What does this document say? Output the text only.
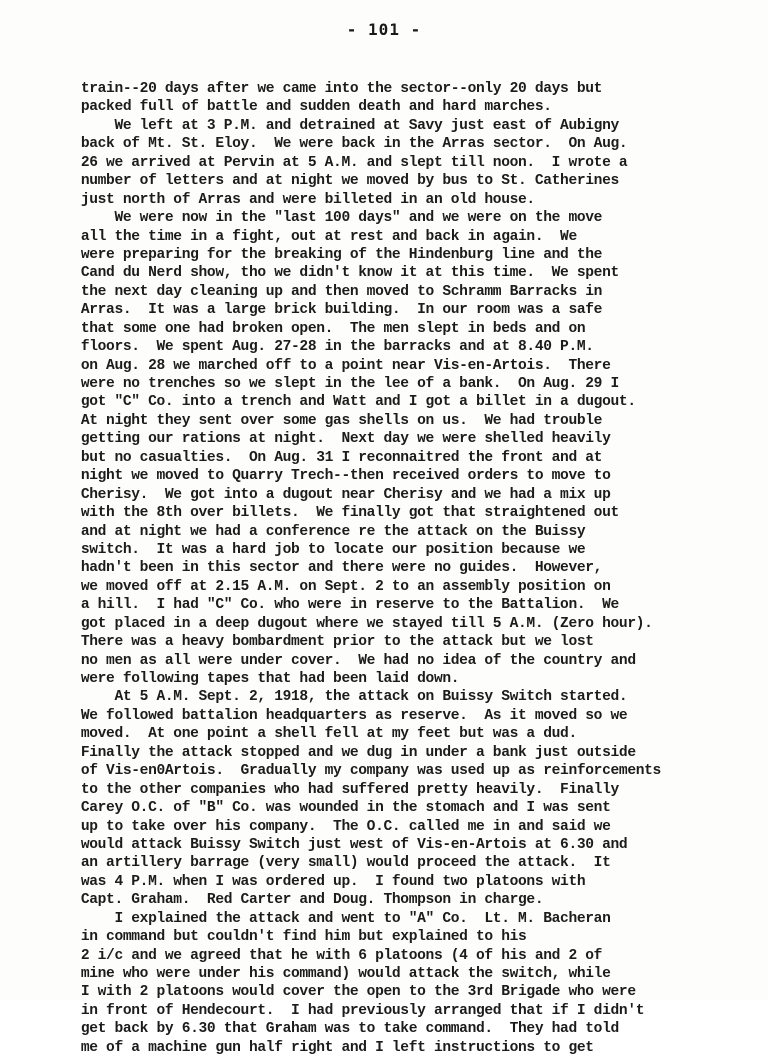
- 101 -
train--20 days after we came into the sector--only 20 days but
packed full of battle and sudden death and hard marches.
We left at 3 P.M. and detrained at Savy just east of Aubigny
back of Mt. St. Eloy.  We were back in the Arras sector.  On Aug.
26 we arrived at Pervin at 5 A.M. and slept till noon.  I wrote a
number of letters and at night we moved by bus to St. Catherines
just north of Arras and were billeted in an old house.
We were now in the "last 100 days" and we were on the move
all the time in a fight, out at rest and back in again.  We
were preparing for the breaking of the Hindenburg line and the
Cand du Nerd show, tho we didn't know it at this time.  We spent
the next day cleaning up and then moved to Schramm Barracks in
Arras.  It was a large brick building.  In our room was a safe
that some one had broken open.  The men slept in beds and on
floors.  We spent Aug. 27-28 in the barracks and at 8.40 P.M.
on Aug. 28 we marched off to a point near Vis-en-Artois.  There
were no trenches so we slept in the lee of a bank.  On Aug. 29 I
got "C" Co. into a trench and Watt and I got a billet in a dugout.
At night they sent over some gas shells on us.  We had trouble
getting our rations at night.  Next day we were shelled heavily
but no casualties.  On Aug. 31 I reconnaitred the front and at
night we moved to Quarry Trech--then received orders to move to
Cherisy.  We got into a dugout near Cherisy and we had a mix up
with the 8th over billets.  We finally got that straightened out
and at night we had a conference re the attack on the Buissy
switch.  It was a hard job to locate our position because we
hadn't been in this sector and there were no guides.  However,
we moved off at 2.15 A.M. on Sept. 2 to an assembly position on
a hill.  I had "C" Co. who were in reserve to the Battalion.  We
got placed in a deep dugout where we stayed till 5 A.M. (Zero hour).
There was a heavy bombardment prior to the attack but we lost
no men as all were under cover.  We had no idea of the country and
were following tapes that had been laid down.
At 5 A.M. Sept. 2, 1918, the attack on Buissy Switch started.
We followed battalion headquarters as reserve.  As it moved so we
moved.  At one point a shell fell at my feet but was a dud.
Finally the attack stopped and we dug in under a bank just outside
of Vis-en0Artois.  Gradually my company was used up as reinforcements
to the other companies who had suffered pretty heavily.  Finally
Carey O.C. of "B" Co. was wounded in the stomach and I was sent
up to take over his company.  The O.C. called me in and said we
would attack Buissy Switch just west of Vis-en-Artois at 6.30 and
an artillery barrage (very small) would proceed the attack.  It
was 4 P.M. when I was ordered up.  I found two platoons with
Capt. Graham.  Red Carter and Doug. Thompson in charge.
I explained the attack and went to "A" Co.  Lt. M. Bacheran
in command but couldn't find him but explained to his
2 i/c and we agreed that he with 6 platoons (4 of his and 2 of
mine who were under his command) would attack the switch, while
I with 2 platoons would cover the open to the 3rd Brigade who were
in front of Hendecourt.  I had previously arranged that if I didn't
get back by 6.30 that Graham was to take command.  They had told
me of a machine gun half right and I left instructions to get
